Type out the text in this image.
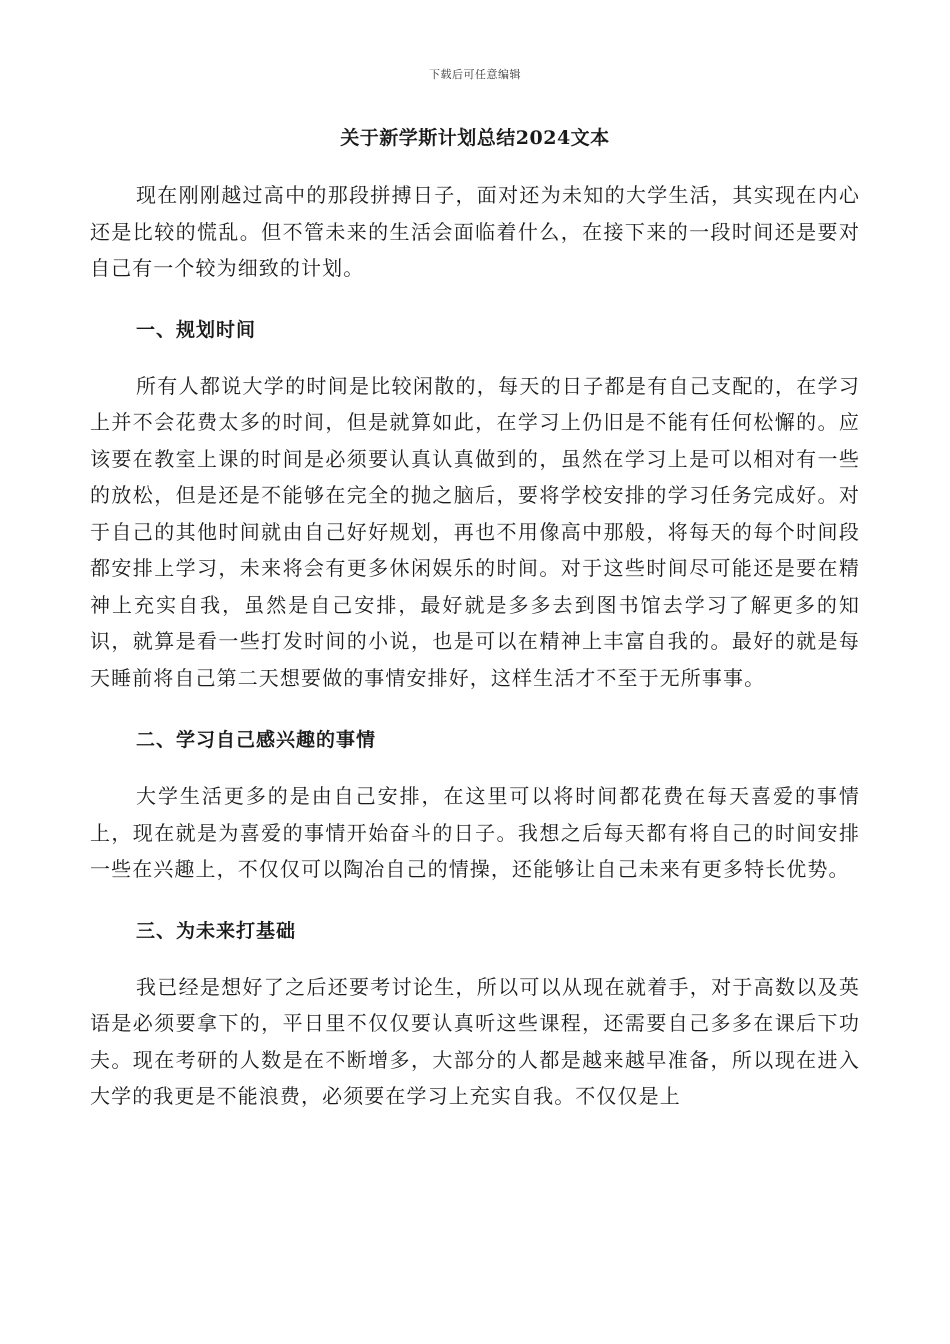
下载后可任意编辑
关于新学斯计划总结2024文本

现在刚刚越过高中的那段拼搏日子，面对还为未知的大学生活，其实现在内心还是比较的慌乱。但不管未来的生活会面临着什么，在接下来的一段时间还是要对自己有一个较为细致的计划。

一、规划时间

所有人都说大学的时间是比较闲散的，每天的日子都是有自己支配的，在学习上并不会花费太多的时间，但是就算如此，在学习上仍旧是不能有任何松懈的。应该要在教室上课的时间是必须要认真认真做到的，虽然在学习上是可以相对有一些的放松，但是还是不能够在完全的抛之脑后，要将学校安排的学习任务完成好。对于自己的其他时间就由自己好好规划，再也不用像高中那般，将每天的每个时间段都安排上学习，未来将会有更多休闲娱乐的时间。对于这些时间尽可能还是要在精神上充实自我，虽然是自己安排，最好就是多多去到图书馆去学习了解更多的知识，就算是看一些打发时间的小说，也是可以在精神上丰富自我的。最好的就是每天睡前将自己第二天想要做的事情安排好，这样生活才不至于无所事事。

二、学习自己感兴趣的事情

大学生活更多的是由自己安排，在这里可以将时间都花费在每天喜爱的事情上，现在就是为喜爱的事情开始奋斗的日子。我想之后每天都有将自己的时间安排一些在兴趣上，不仅仅可以陶冶自己的情操，还能够让自己未来有更多特长优势。

三、为未来打基础

我已经是想好了之后还要考讨论生，所以可以从现在就着手，对于高数以及英语是必须要拿下的，平日里不仅仅要认真听这些课程，还需要自己多多在课后下功夫。现在考研的人数是在不断增多，大部分的人都是越来越早准备，所以现在进入大学的我更是不能浪费，必须要在学习上充实自我。不仅仅是上
